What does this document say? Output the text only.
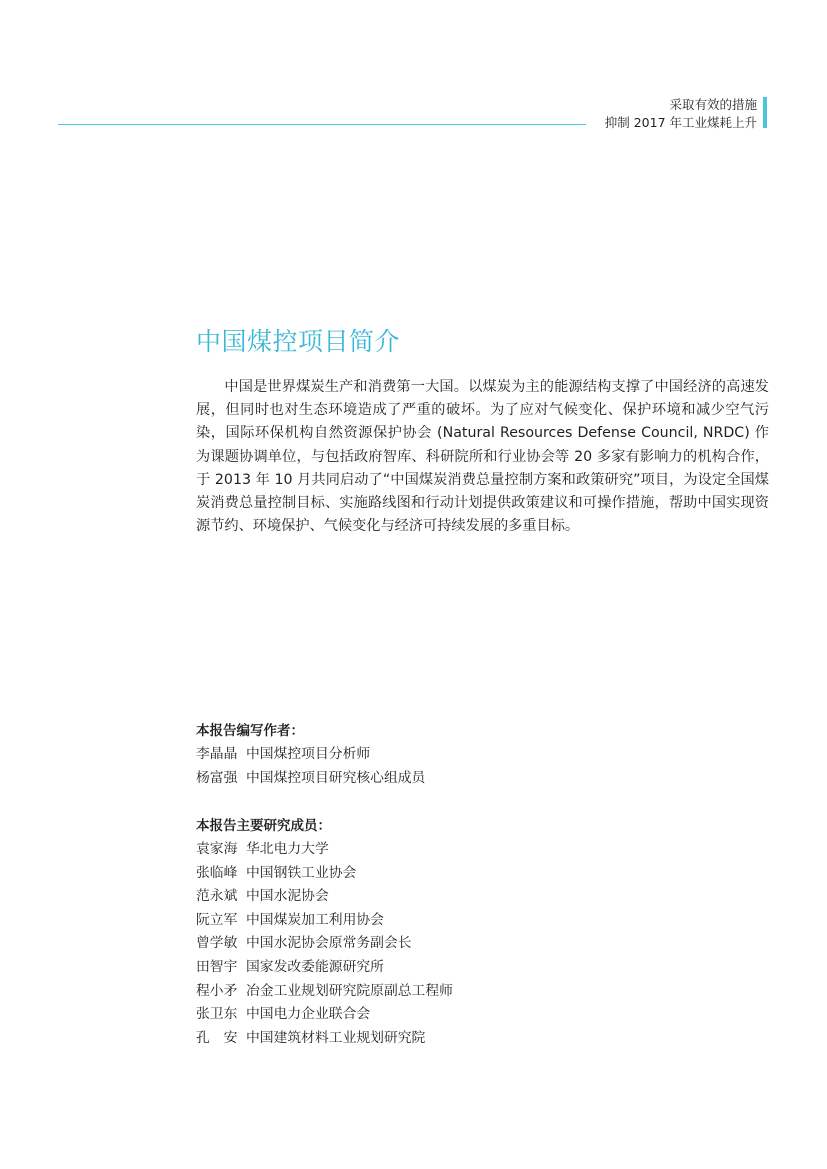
采取有效的措施
抑制 2017 年工业煤耗上升
中国煤控项目简介

中国是世界煤炭生产和消费第一大国。以煤炭为主的能源结构支撑了中国经济的高速发展，但同时也对生态环境造成了严重的破坏。为了应对气候变化、保护环境和减少空气污染，国际环保机构自然资源保护协会 (Natural Resources Defense Council, NRDC) 作为课题协调单位，与包括政府智库、科研院所和行业协会等 20 多家有影响力的机构合作，于 2013 年 10 月共同启动了“中国煤炭消费总量控制方案和政策研究”项目，为设定全国煤炭消费总量控制目标、实施路线图和行动计划提供政策建议和可操作措施，帮助中国实现资源节约、环境保护、气候变化与经济可持续发展的多重目标。

本报告编写作者：
李晶晶 中国煤控项目分析师
杨富强 中国煤控项目研究核心组成员
本报告主要研究成员：
袁家海 华北电力大学
张临峰 中国钢铁工业协会
范永斌 中国水泥协会
阮立军 中国煤炭加工利用协会
曾学敏 中国水泥协会原常务副会长
田智宇 国家发改委能源研究所
程小矛 冶金工业规划研究院原副总工程师
张卫东 中国电力企业联合会
孔　安 中国建筑材料工业规划研究院
